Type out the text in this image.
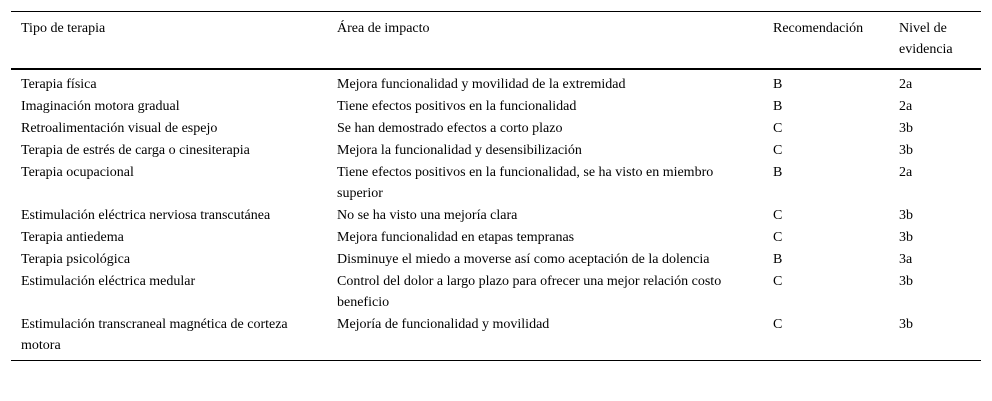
Tipo de terapia	Área de impacto	Recomendación	Nivel de evidencia
Terapia física	Mejora funcionalidad y movilidad de la extremidad	B	2a
Imaginación motora gradual	Tiene efectos positivos en la funcionalidad	B	2a
Retroalimentación visual de espejo	Se han demostrado efectos a corto plazo	C	3b
Terapia de estrés de carga o cinesiterapia	Mejora la funcionalidad y desensibilización	C	3b
Terapia ocupacional	Tiene efectos positivos en la funcionalidad, se ha visto en miembro superior	B	2a
Estimulación eléctrica nerviosa transcutánea	No se ha visto una mejoría clara	C	3b
Terapia antiedema	Mejora funcionalidad en etapas tempranas	C	3b
Terapia psicológica	Disminuye el miedo a moverse así como aceptación de la dolencia	B	3a
Estimulación eléctrica medular	Control del dolor a largo plazo para ofrecer una mejor relación costo beneficio	C	3b
Estimulación transcraneal magnética de corteza motora	Mejoría de funcionalidad y movilidad	C	3b
